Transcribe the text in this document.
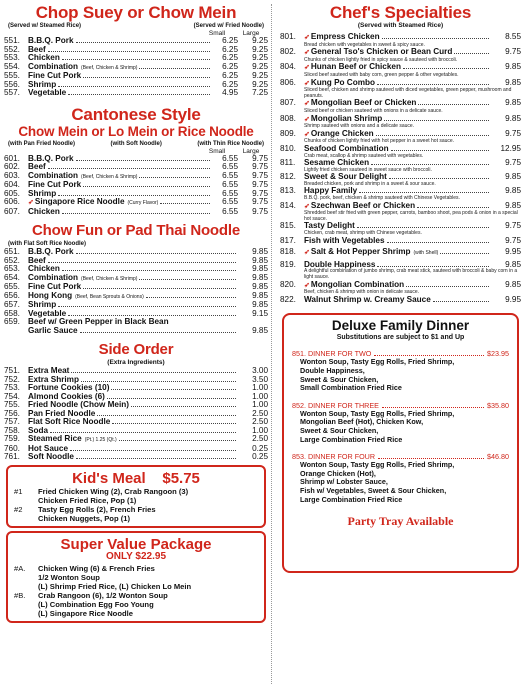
Chop Suey or Chow Mein
(Served w/ Steamed Rice)	(Served w/ Fried Noodle)
Small	Large
551. B.B.Q. Pork	6.25	9.25
552. Beef	6.25	9.25
553. Chicken	6.25	9.25
554. Combination (Beef, Chicken & Shrimp)	6.25	9.25
555. Fine Cut Pork	6.25	9.25
556. Shrimp	6.25	9.25
557. Vegetable	4.95	7.25
Cantonese Style
Chow Mein or Lo Mein or Rice Noodle
(with Pan Fried Noodle)	(with Soft Noodle)	(with Thin Rice Noodle)
Small	Large
601. B.B.Q. Pork	6.55	9.75
602. Beef	6.55	9.75
603. Combination (Beef, Chicken & Shrimp)	6.55	9.75
604. Fine Cut Pork	6.55	9.75
605. Shrimp	6.55	9.75
606.	➶Singapore Rice Noodle (Curry Flavor)	6.55	9.75
607. Chicken	6.55	9.75
Chow Fun or Pad Thai Noodle
(with Flat Soft Rice Noodle)
651. B.B.Q. Pork	9.85
652. Beef	9.85
653. Chicken	9.85
654. Combination (Beef, Chicken & Shrimp)	9.85
655. Fine Cut Pork	9.85
656. Hong Kong (Beef, Bean Sprouts & Onions)	9.85
657. Shrimp	9.85
658. Vegetable	9.15
659. Beef w/ Green Pepper in Black Bean
Garlic Sauce	9.85
Side Order
(Extra Ingredients)
751. Extra Meat	3.00
752. Extra Shrimp	3.50
753. Fortune Cookies (10)	1.00
754. Almond Cookies (6)	1.00
755. Fried Noodle (Chow Mein)	1.00
756. Pan Fried Noodle	2.50
757. Flat Soft Rice Noodle	2.50
758. Soda	1.00
759. Steamed Rice (Pt.) 1.25 (Qt.)	2.50
760. Hot Sauce	0.25
761. Soft Noodle	0.25
Kid's Meal    $5.75
#1	Fried Chicken Wing (2), Crab Rangoon (3)
Chicken Fried Rice, Pop (1)
#2	Tasty Egg Rolls (2), French Fries
Chicken Nuggets, Pop (1)
Super Value Package
ONLY $22.95
#A.	Chicken Wing (6) & French Fries
1/2 Wonton Soup
(L) Shrimp Fried Rice, (L) Chicken Lo Mein
#B.	Crab Rangoon (6), 1/2 Wonton Soup
(L) Combination Egg Foo Young
(L) Singapore Rice Noodle
Chef's Specialties
(Served with Steamed Rice)
801.	➶Empress Chicken	8.55
Bread chicken with vegetables in sweet & spicy sauce.
802.	➶General Tso's Chicken or Bean Curd	9.75
Chunks of chicken lightly fried in spicy sauce & sauteed with broccoli.
804.	➶Hunan Beef or Chicken	9.85
Sliced beef sauteed with baby corn, green pepper & other vegetables.
806.	➶Kung Po Combo	9.85
Sliced beef, chicken and shrimp sauteed with diced vegetables, green pepper, mushroom and peanuts.
807.	➶Mongolian Beef or Chicken	9.85
Sliced beef or chicken sauteed with onions in a delicate sauce.
808.	➶Mongolian Shrimp	9.85
Shrimp sauteed with onions and a delicate sauce.
809.	➶Orange Chicken	9.75
Chunks of chicken lightly fried with hot pepper in a sweet hot sauce.
810. Seafood Combination	12.95
Crab meat, scallop & shrimp sauteed with vegetables.
811.	Sesame Chicken	9.75
Lightly fried chicken sauteed in sweet sauce with broccoli.
812. Sweet & Sour Delight	9.85
Breaded chicken, pork and shrimp in a sweet & sour sauce.
813. Happy Family	9.85
B.B.Q. pork, beef, chicken & shrimp sauteed with Chinese Vegetables.
814.	➶Szechwan Beef or Chicken	9.85
Shredded beef stir fried with green pepper, carrots, bamboo shoot, pea pods & onion in a special hot sauce.
815. Tasty Delight	9.75
Chicken, crab meat, shrimp with Chinese vegetables.
817. Fish with Vegetables	9.75
818.	➶Salt & Hot Pepper Shrimp (with Shell)	9.95
819. Double Happiness	9.85
A delightful combination of jumbo shrimp, crab meat stick, sauteed with broccoli & baby corn in a light sauce.
820.	➶Mongolian Combination	9.85
Beef, chicken & shrimp with onion in delicate sauce.
822. Walnut Shrimp w. Creamy Sauce	9.95
Deluxe Family Dinner
Substitutions are subject to $1 and Up
851. DINNER FOR TWO	$23.95
Wonton Soup, Tasty Egg Rolls, Fried Shrimp,
Double Happiness,
Sweet & Sour Chicken,
Small Combination Fried Rice
852. DINNER FOR THREE	$35.80
Wonton Soup, Tasty Egg Rolls, Fried Shrimp,
Mongolian Beef (Hot), Chicken Kow,
Sweet & Sour Chicken,
Large Combination Fried Rice
853. DINNER FOR FOUR	$46.80
Wonton Soup, Tasty Egg Rolls, Fried Shrimp,
Orange Chicken (Hot),
Shrimp w/ Lobster Sauce,
Fish w/ Vegetables, Sweet & Sour Chicken,
Large Combination Fried Rice
Party Tray Available
